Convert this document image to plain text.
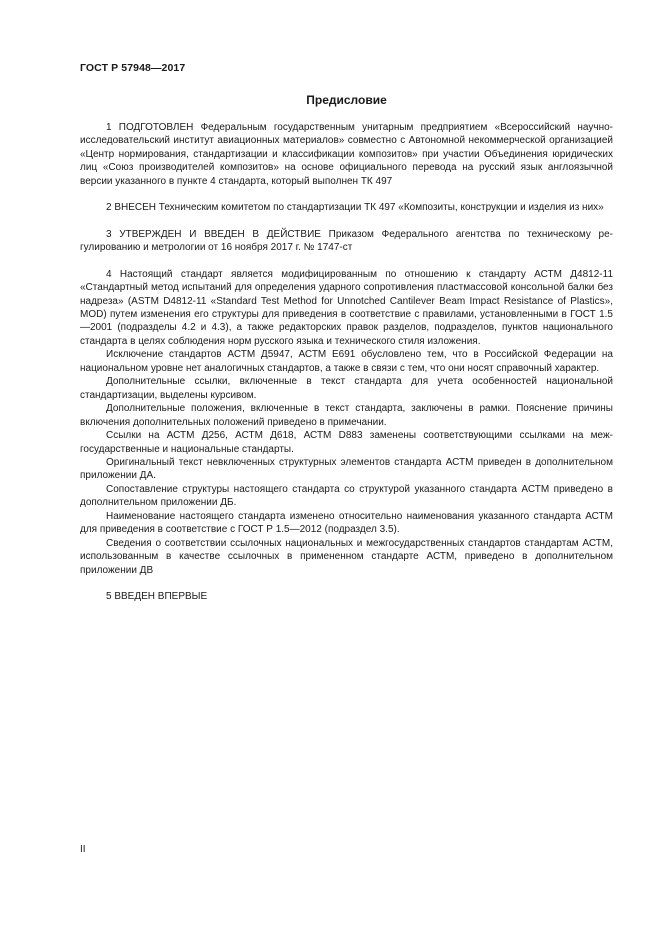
ГОСТ Р 57948—2017
Предисловие

1 ПОДГОТОВЛЕН Федеральным государственным унитарным предприятием «Всероссийский научно-исследовательский институт авиационных материалов» совместно с Автономной некоммерческой организацией «Центр нормирования, стандартизации и классификации композитов» при участии Объединения юридических лиц «Союз производителей композитов» на основе официального перевода на русский язык англоязычной версии указанного в пункте 4 стандарта, который выполнен ТК 497

2 ВНЕСЕН Техническим комитетом по стандартизации ТК 497 «Композиты, конструкции и изделия из них»

3 УТВЕРЖДЕН И ВВЕДЕН В ДЕЙСТВИЕ Приказом Федерального агентства по техническому регулированию и метрологии от 16 ноября 2017 г. № 1747-ст

4 Настоящий стандарт является модифицированным по отношению к стандарту АСТМ Д4812-11 «Стандартный метод испытаний для определения ударного сопротивления пластмассовой консольной балки без надреза» (ASTM D4812-11 «Standard Test Method for Unnotched Cantilever Beam Impact Resistance of Plastics», MOD) путем изменения его структуры для приведения в соответствие с правилами, установленными в ГОСТ 1.5—2001 (подразделы 4.2 и 4.3), а также редакторских правок разделов, подразделов, пунктов национального стандарта в целях соблюдения норм русского языка и технического стиля изложения.

Исключение стандартов АСТМ Д5947, АСТМ Е691 обусловлено тем, что в Российской Федерации на национальном уровне нет аналогичных стандартов, а также в связи с тем, что они носят справочный характер.

Дополнительные ссылки, включенные в текст стандарта для учета особенностей национальной стандартизации, выделены курсивом.

Дополнительные положения, включенные в текст стандарта, заключены в рамки. Пояснение причины включения дополнительных положений приведено в примечании.

Ссылки на АСТМ Д256, АСТМ Д618, АСТМ D883 заменены соответствующими ссылками на межгосударственные и национальные стандарты.

Оригинальный текст невключенных структурных элементов стандарта АСТМ приведен в дополнительном приложении ДА.

Сопоставление структуры настоящего стандарта со структурой указанного стандарта АСТМ приведено в дополнительном приложении ДБ.

Наименование настоящего стандарта изменено относительно наименования указанного стандарта АСТМ для приведения в соответствие с ГОСТ Р 1.5—2012 (подраздел 3.5).

Сведения о соответствии ссылочных национальных и межгосударственных стандартов стандартам АСТМ, использованным в качестве ссылочных в примененном стандарте АСТМ, приведено в дополнительном приложении ДВ

5 ВВЕДЕН ВПЕРВЫЕ

II
